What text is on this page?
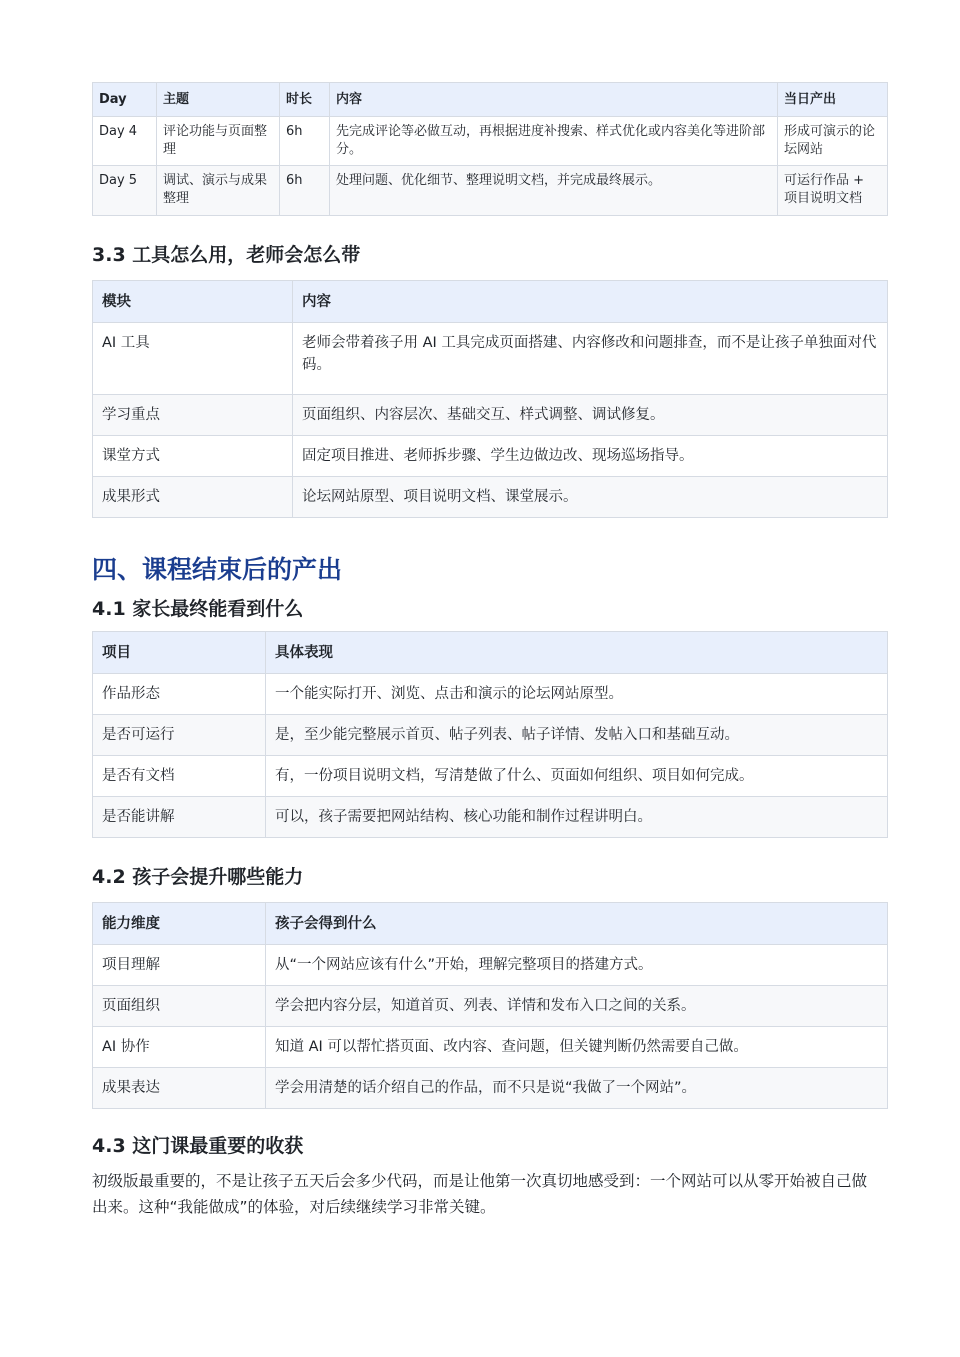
Day	主题	时长	内容	当日产出
Day 4	评论功能与页面整理	6h	先完成评论等必做互动，再根据进度补搜索、样式优化或内容美化等进阶部分。	形成可演示的论坛网站
Day 5	调试、演示与成果整理	6h	处理问题、优化细节、整理说明文档，并完成最终展示。	可运行作品 + 项目说明文档
3.3 工具怎么用，老师会怎么带
模块	内容
AI 工具	老师会带着孩子用 AI 工具完成页面搭建、内容修改和问题排查，而不是让孩子单独面对代码。
学习重点	页面组织、内容层次、基础交互、样式调整、调试修复。
课堂方式	固定项目推进、老师拆步骤、学生边做边改、现场巡场指导。
成果形式	论坛网站原型、项目说明文档、课堂展示。
四、课程结束后的产出
4.1 家长最终能看到什么
项目	具体表现
作品形态	一个能实际打开、浏览、点击和演示的论坛网站原型。
是否可运行	是，至少能完整展示首页、帖子列表、帖子详情、发帖入口和基础互动。
是否有文档	有，一份项目说明文档，写清楚做了什么、页面如何组织、项目如何完成。
是否能讲解	可以，孩子需要把网站结构、核心功能和制作过程讲明白。
4.2 孩子会提升哪些能力
能力维度	孩子会得到什么
项目理解	从“一个网站应该有什么”开始，理解完整项目的搭建方式。
页面组织	学会把内容分层，知道首页、列表、详情和发布入口之间的关系。
AI 协作	知道 AI 可以帮忙搭页面、改内容、查问题，但关键判断仍然需要自己做。
成果表达	学会用清楚的话介绍自己的作品，而不只是说“我做了一个网站”。
4.3 这门课最重要的收获

初级版最重要的，不是让孩子五天后会多少代码，而是让他第一次真切地感受到：一个网站可以从零开始被自己做出来。这种“我能做成”的体验，对后续继续学习非常关键。
